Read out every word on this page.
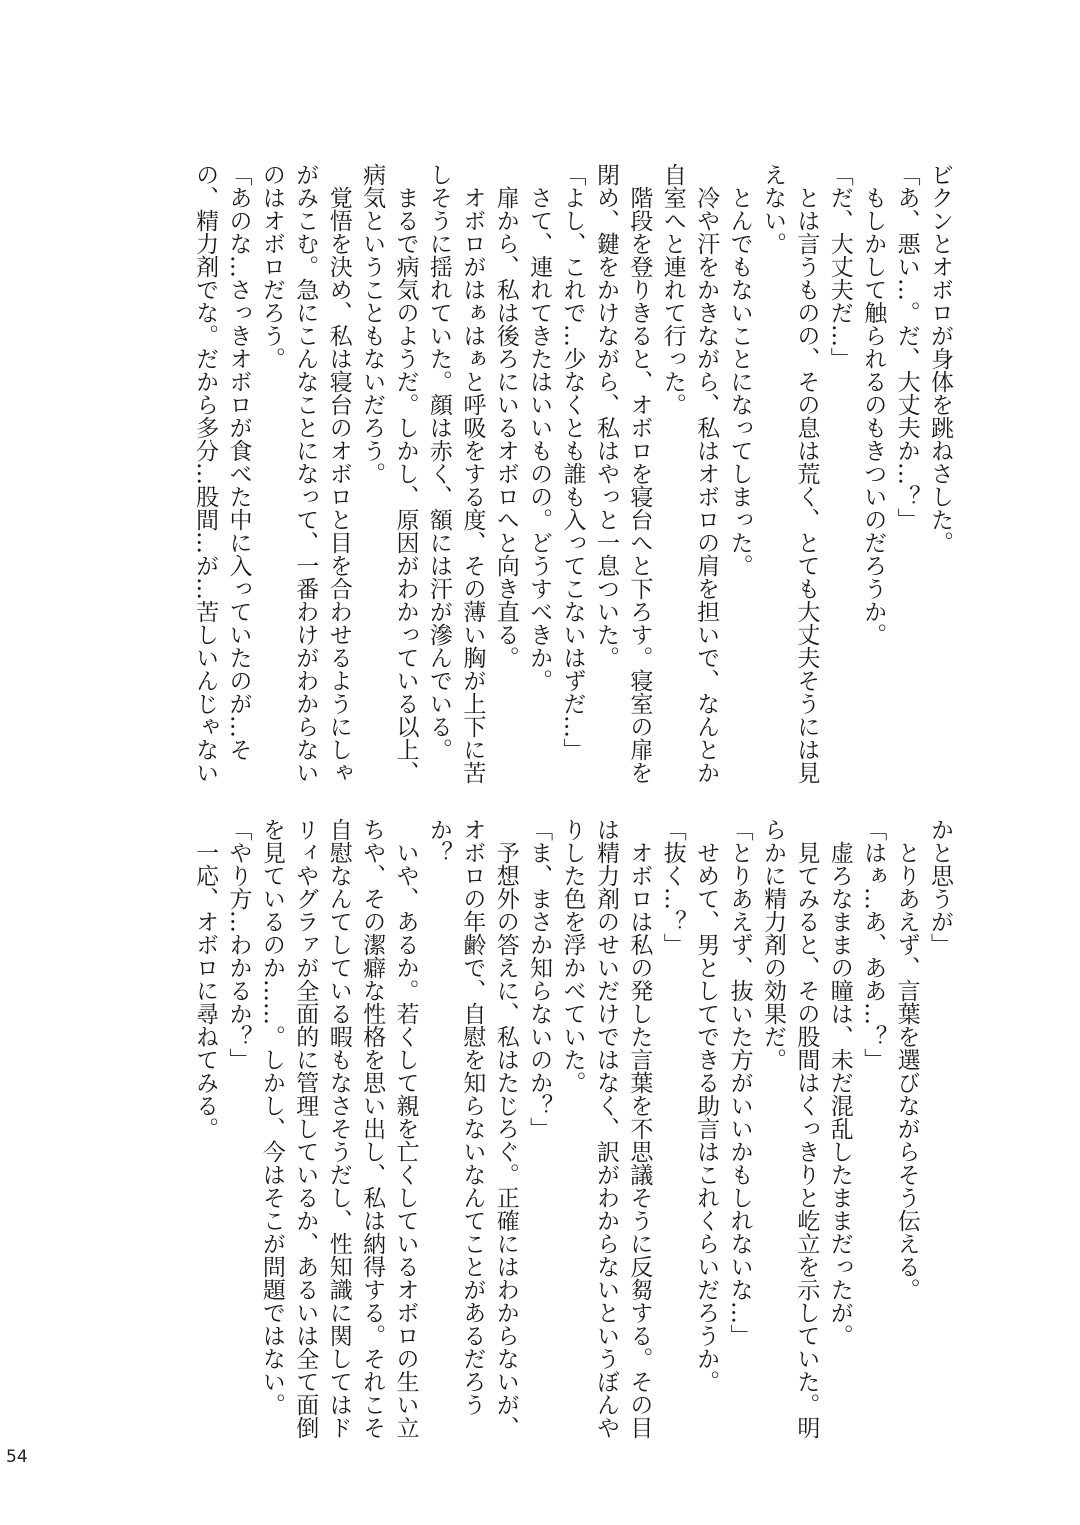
ビクンとオボロが身体を跳ねさした。
「あ、悪い…。だ、大丈夫か…？」
　もしかして触られるのもきついのだろうか。
「だ、大丈夫だ…」
　とは言うものの、その息は荒く、とても大丈夫そうには見
えない。
　とんでもないことになってしまった。
　冷や汗をかきながら、私はオボロの肩を担いで、なんとか
自室へと連れて行った。
　階段を登りきると、オボロを寝台へと下ろす。寝室の扉を
閉め、鍵をかけながら、私はやっと一息ついた。
「よし、これで…少なくとも誰も入ってこないはずだ…」
　さて、連れてきたはいいものの。どうすべきか。
　扉から、私は後ろにいるオボロへと向き直る。
　オボロがはぁはぁと呼吸をする度、その薄い胸が上下に苦
しそうに揺れていた。顔は赤く、額には汗が滲んでいる。
　まるで病気のようだ。しかし、原因がわかっている以上、
病気ということもないだろう。
　覚悟を決め、私は寝台のオボロと目を合わせるようにしゃ
がみこむ。急にこんなことになって、一番わけがわからない
のはオボロだろう。
「あのな…さっきオボロが食べた中に入っていたのが…そ
の、精力剤でな。だから多分…股間…が…苦しいんじゃない
かと思うが」
　とりあえず、言葉を選びながらそう伝える。
「はぁ…あ、ああ…？」
　虚ろなままの瞳は、未だ混乱したままだったが。
　見てみると、その股間はくっきりと屹立を示していた。明
らかに精力剤の効果だ。
「とりあえず、抜いた方がいいかもしれないな…」
　せめて、男としてできる助言はこれくらいだろうか。
「抜く…？」
　オボロは私の発した言葉を不思議そうに反芻する。その目
は精力剤のせいだけではなく、訳がわからないというぼんや
りした色を浮かべていた。
「ま、まさか知らないのか？」
　予想外の答えに、私はたじろぐ。正確にはわからないが、
オボロの年齢で、自慰を知らないなんてことがあるだろう
か？
　いや、あるか。若くして親を亡くしているオボロの生い立
ちや、その潔癖な性格を思い出し、私は納得する。それこそ
自慰なんてしている暇もなさそうだし、性知識に関してはド
リィやグラァが全面的に管理しているか、あるいは全て面倒
を見ているのか……。しかし、今はそこが問題ではない。
「やり方…わかるか？」
　一応、オボロに尋ねてみる。
54
